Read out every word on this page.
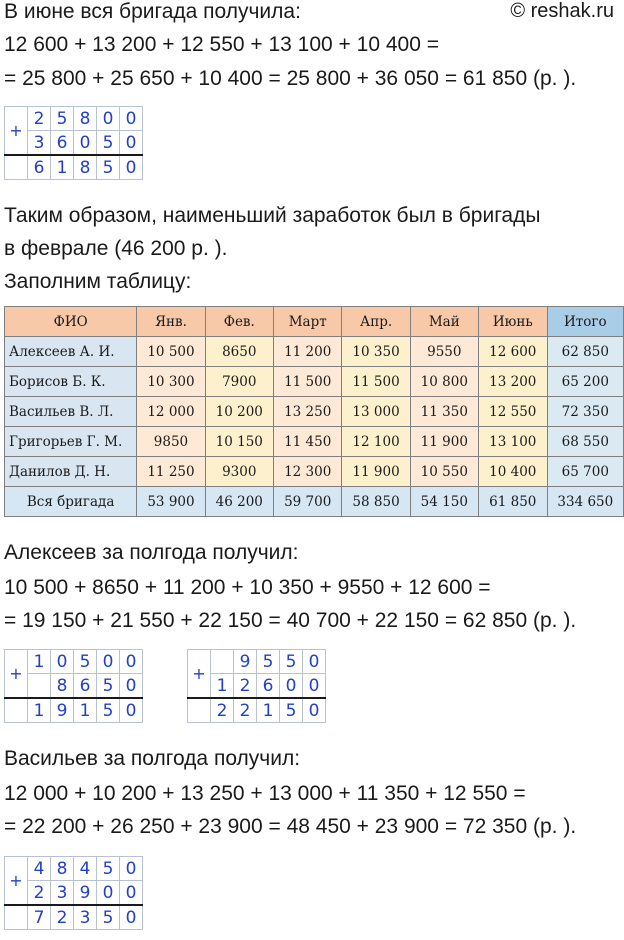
В июне вся бригада получила:	© reshak.ru
12 600 + 13 200 + 12 550 + 13 100 + 10 400 =
= 25 800 + 25 650 + 10 400 = 25 800 + 36 050 = 61 850 (р. ).
+	2	5	8	0	0
	3	6	0	5	0
	6	1	8	5	0
Таким образом, наименьший заработок был в бригады
в феврале (46 200 р. ).
Заполним таблицу:
ФИО	Янв.	Фев.	Март	Апр.	Май	Июнь	Итого
Алексеев А. И.	10 500	8650	11 200	10 350	9550	12 600	62 850
Борисов Б. К.	10 300	7900	11 500	11 500	10 800	13 200	65 200
Васильев В. Л.	12 000	10 200	13 250	13 000	11 350	12 550	72 350
Григорьев Г. М.	9850	10 150	11 450	12 100	11 900	13 100	68 550
Данилов Д. Н.	11 250	9300	12 300	11 900	10 550	10 400	65 700
Вся бригада	53 900	46 200	59 700	58 850	54 150	61 850	334 650
Алексеев за полгода получил:
10 500 + 8650 + 11 200 + 10 350 + 9550 + 12 600 =
= 19 150 + 21 550 + 22 150 = 40 700 + 22 150 = 62 850 (р. ).
+	1	0	5	0	0
		8	6	5	0
	1	9	1	5	0
+		9	5	5	0
	1	2	6	0	0
	2	2	1	5	0
Васильев за полгода получил:
12 000 + 10 200 + 13 250 + 13 000 + 11 350 + 12 550 =
= 22 200 + 26 250 + 23 900 = 48 450 + 23 900 = 72 350 (р. ).
+	4	8	4	5	0
	2	3	9	0	0
	7	2	3	5	0
